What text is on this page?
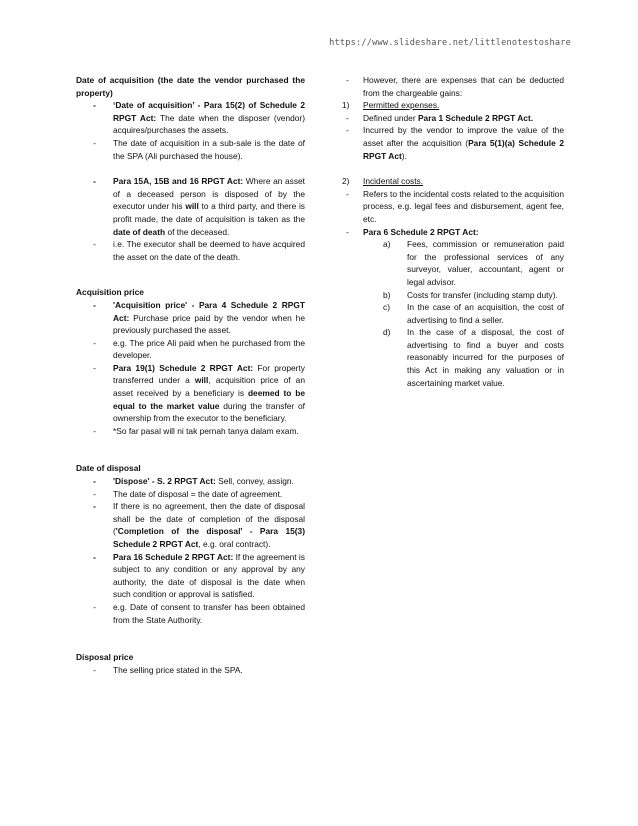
https://www.slideshare.net/littlenotestoshare
Date of acquisition (the date the vendor purchased the property)
-	‘Date of acquisition’ - Para 15(2) of Schedule 2 RPGT Act: The date when the disposer (vendor) acquires/purchases the assets.
-	The date of acquisition in a sub-sale is the date of the SPA (Ali purchased the house).
-	Para 15A, 15B and 16 RPGT Act: Where an asset of a deceased person is disposed of by the executor under his will to a third party, and there is profit made, the date of acquisition is taken as the date of death of the deceased.
-	i.e. The executor shall be deemed to have acquired the asset on the date of the death.
Acquisition price
-	'Acquisition price' - Para 4 Schedule 2 RPGT Act: Purchase price paid by the vendor when he previously purchased the asset.
-	e.g. The price Ali paid when he purchased from the developer.
-	Para 19(1) Schedule 2 RPGT Act: For property transferred under a will, acquisition price of an asset received by a beneficiary is deemed to be equal to the market value during the transfer of ownership from the executor to the beneficiary.
-	*So far pasal will ni tak pernah tanya dalam exam.
Date of disposal
-	'Dispose' - S. 2 RPGT Act: Sell, convey, assign.
-	The date of disposal = the date of agreement.
-	If there is no agreement, then the date of disposal shall be the date of completion of the disposal ('Completion of the disposal' - Para 15(3) Schedule 2 RPGT Act, e.g. oral contract).
-	Para 16 Schedule 2 RPGT Act: If the agreement is subject to any condition or any approval by any authority, the date of disposal is the date when such condition or approval is satisfied.
-	e.g. Date of consent to transfer has been obtained from the State Authority.
Disposal price
-	The selling price stated in the SPA.
-	However, there are expenses that can be deducted from the chargeable gains:
1)	Permitted expenses.
-	Defined under Para 1 Schedule 2 RPGT Act.
-	Incurred by the vendor to improve the value of the asset after the acquisition (Para 5(1)(a) Schedule 2 RPGT Act).
2)	Incidental costs.
-	Refers to the incidental costs related to the acquisition process, e.g. legal fees and disbursement, agent fee, etc.
-	Para 6 Schedule 2 RPGT Act:
a)	Fees, commission or remuneration paid for the professional services of any surveyor, valuer, accountant, agent or legal advisor.
b)	Costs for transfer (including stamp duty).
c)	In the case of an acquisition, the cost of advertising to find a seller.
d)	In the case of a disposal, the cost of advertising to find a buyer and costs reasonably incurred for the purposes of this Act in making any valuation or in ascertaining market value.
